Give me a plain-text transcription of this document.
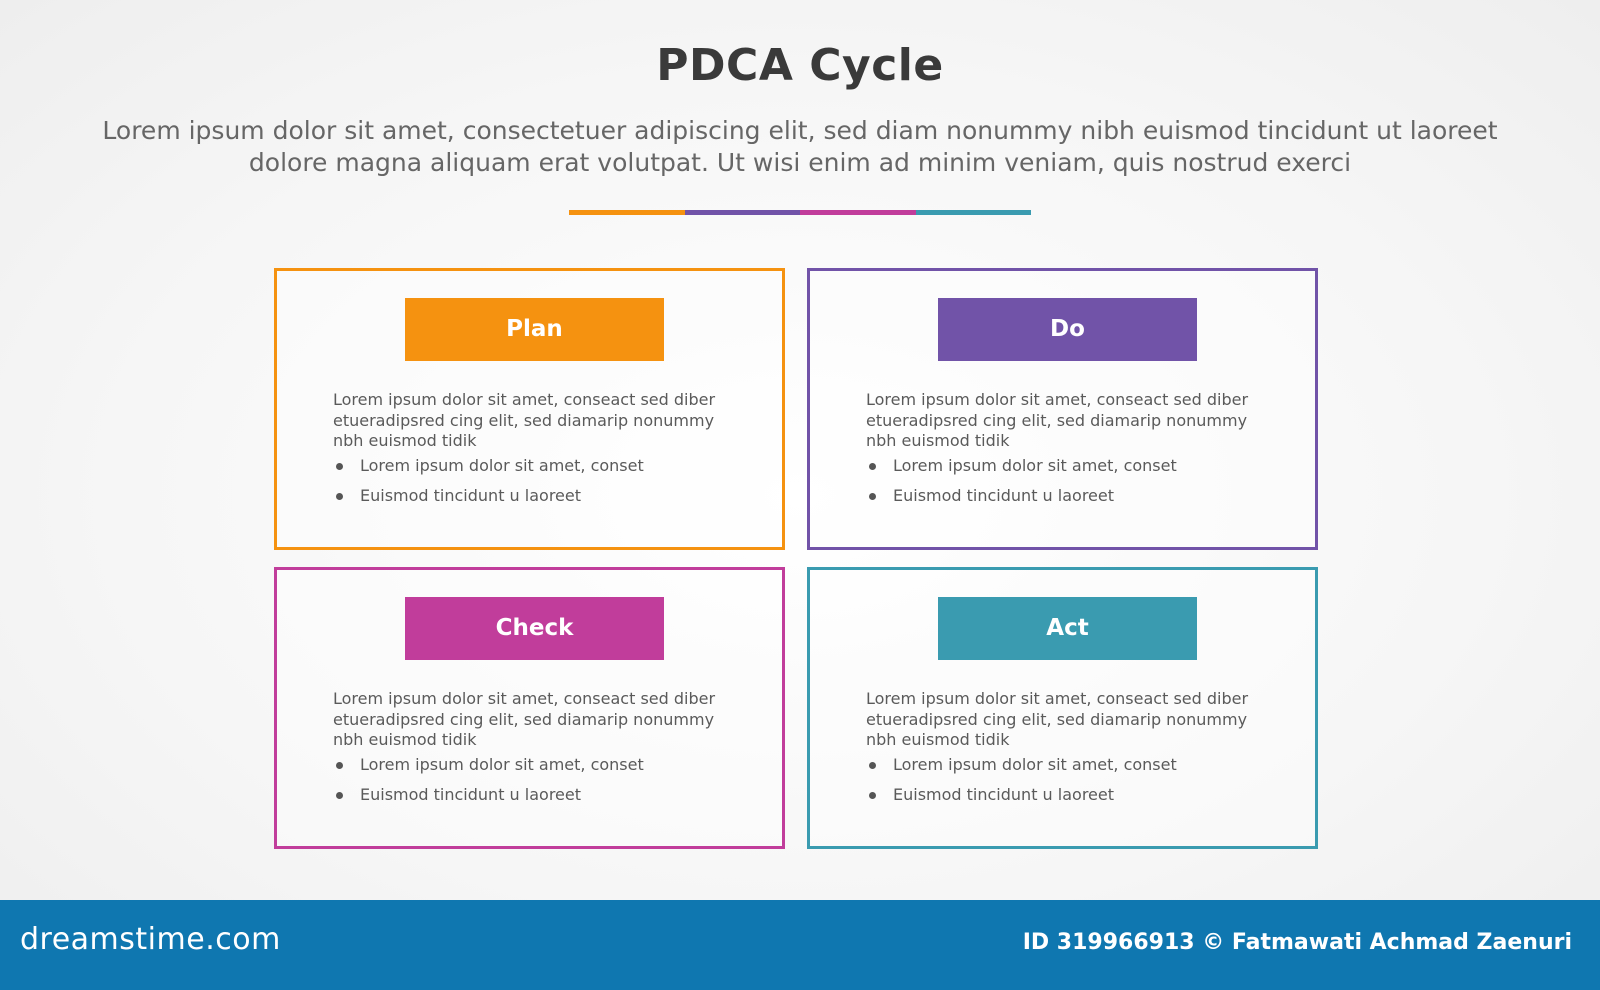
PDCA Cycle
Lorem ipsum dolor sit amet, consectetuer adipiscing elit, sed diam nonummy nibh euismod tincidunt ut laoreet dolore magna aliquam erat volutpat. Ut wisi enim ad minim veniam, quis nostrud exerci
Plan
Lorem ipsum dolor sit amet, conseact sed diber etueradipsred cing elit, sed diamarip nonummy nbh euismod tidik
Lorem ipsum dolor sit amet, conset
Euismod tincidunt u laoreet
Do
Lorem ipsum dolor sit amet, conseact sed diber etueradipsred cing elit, sed diamarip nonummy nbh euismod tidik
Lorem ipsum dolor sit amet, conset
Euismod tincidunt u laoreet
Check
Lorem ipsum dolor sit amet, conseact sed diber etueradipsred cing elit, sed diamarip nonummy nbh euismod tidik
Lorem ipsum dolor sit amet, conset
Euismod tincidunt u laoreet
Act
Lorem ipsum dolor sit amet, conseact sed diber etueradipsred cing elit, sed diamarip nonummy nbh euismod tidik
Lorem ipsum dolor sit amet, conset
Euismod tincidunt u laoreet
dreamstime.com	ID 319966913 © Fatmawati Achmad Zaenuri
